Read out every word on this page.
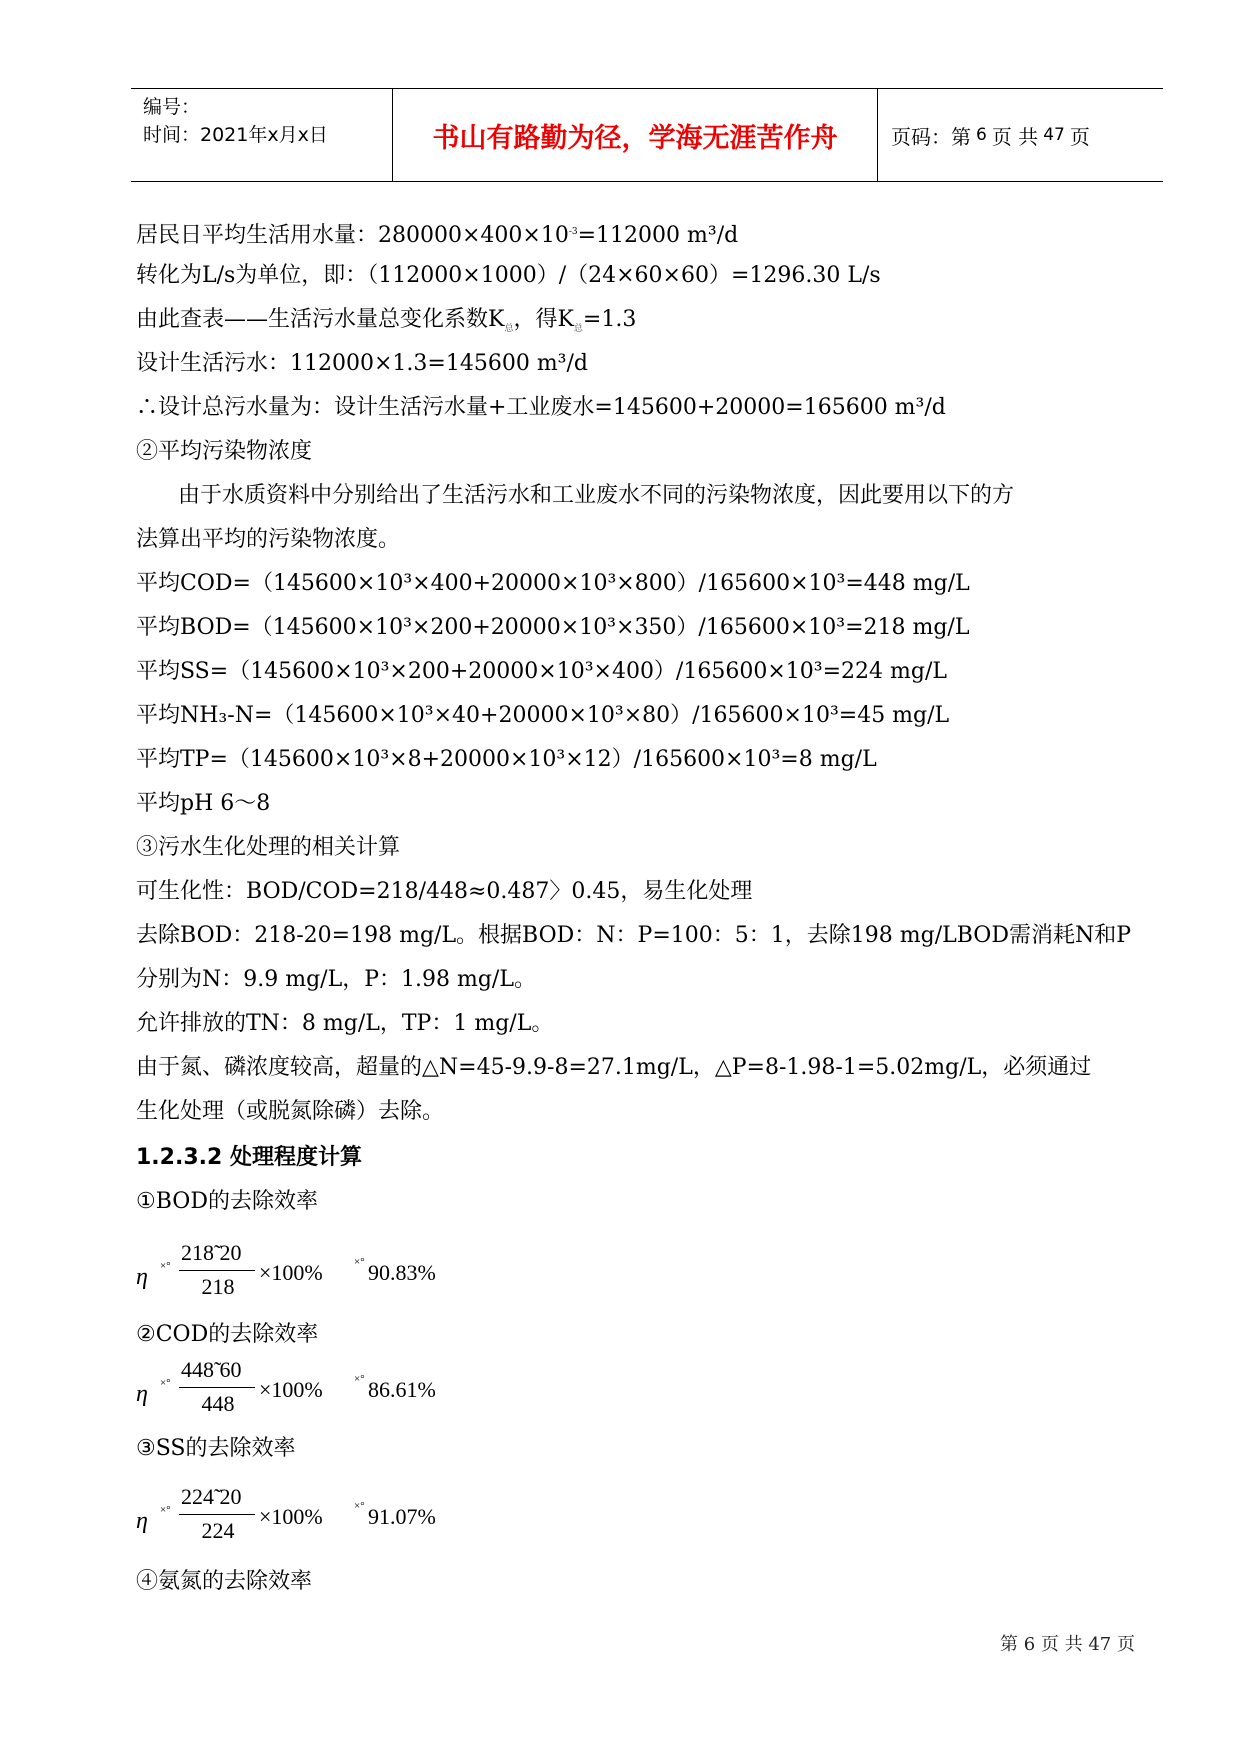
编号：
时间：2021年x月x日	书山有路勤为径，学海无涯苦作舟	页码：第 6 页 共 47 页
居民日平均生活用水量：$280000\times 400\times 10^{-3}=112000$ m³/d
转化为L/s为单位，即：（112000×1000）/（24×60×60）=1296.30 L/s
由此查表——生活污水量总变化系数$K_总$，得$K_总=1.3$
设计生活污水：112000×1.3=145600 m³/d
∴设计总污水量为：设计生活污水量+工业废水=145600+20000=165600 m³/d
②平均污染物浓度
由于水质资料中分别给出了生活污水和工业废水不同的污染物浓度，因此要用以下的方
法算出平均的污染物浓度。
平均COD=（145600×10³×400+20000×10³×800）/165600×10³=448 mg/L
平均BOD=（145600×10³×200+20000×10³×350）/165600×10³=218 mg/L
平均SS=（145600×10³×200+20000×10³×400）/165600×10³=224 mg/L
平均NH₃-N=（145600×10³×40+20000×10³×80）/165600×10³=45 mg/L
平均TP=（145600×10³×8+20000×10³×12）/165600×10³=8 mg/L
平均pH 6～8
③污水生化处理的相关计算
可生化性：BOD/COD=218/448≈0.487〉0.45，易生化处理
去除BOD：218-20=198 mg/L。根据BOD：N：P=100：5：1，去除198 mg/LBOD需消耗N和P
分别为N：9.9 mg/L，P：1.98 mg/L。
允许排放的TN：8 mg/L，TP：1 mg/L。
由于氮、磷浓度较高，超量的△N=45-9.9-8=27.1mg/L，△P=8-1.98-1=5.02mg/L，必须通过
生化处理（或脱氮除磷）去除。
1.2.3.2 处理程度计算
①BOD的去除效率
η ×°
218̃ 20
218
×100%	×° 90.83%
②COD的去除效率
η ×°
448̃ 60
448
×100%	×° 86.61%
③SS的去除效率
η ×°
224̃ 20
224
×100%	×° 91.07%
④氨氮的去除效率
第 6 页 共 47 页
